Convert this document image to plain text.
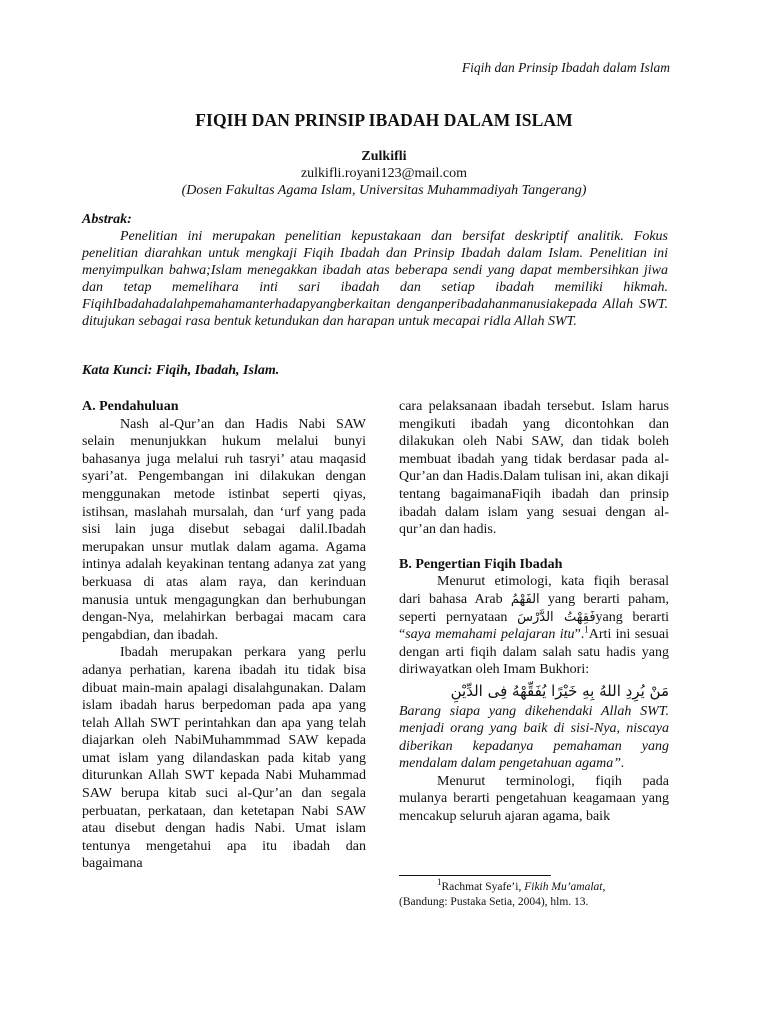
Fiqih dan Prinsip Ibadah dalam Islam
FIQIH DAN PRINSIP IBADAH DALAM ISLAM
Zulkifli
zulkifli.royani123@mail.com
(Dosen Fakultas Agama Islam, Universitas Muhammadiyah Tangerang)
Abstrak:

Penelitian ini merupakan penelitian kepustakaan dan bersifat deskriptif analitik. Fokus penelitian diarahkan untuk mengkaji Fiqih Ibadah dan Prinsip Ibadah dalam Islam. Penelitian ini menyimpulkan bahwa;Islam menegakkan ibadah atas beberapa sendi yang dapat membersihkan jiwa dan tetap memelihara inti sari ibadah dan setiap ibadah memiliki hikmah. FiqihIbadahadalahpemahamanterhadapyangberkaitan denganperibadahanmanusiakepada Allah SWT. ditujukan sebagai rasa bentuk ketundukan dan harapan untuk mecapai ridla Allah SWT.

Kata Kunci: Fiqih, Ibadah, Islam.
A. Pendahuluan

Nash al-Qur’an dan Hadis Nabi SAW selain menunjukkan hukum melalui bunyi bahasanya juga melalui ruh tasryi’ atau maqasid syari’at. Pengembangan ini dilakukan dengan menggunakan metode istinbat seperti qiyas, istihsan, maslahah mursalah, dan ‘urf yang pada sisi lain juga disebut sebagai dalil.Ibadah merupakan unsur mutlak dalam agama. Agama intinya adalah keyakinan tentang adanya zat yang berkuasa di atas alam raya, dan kerinduan manusia untuk mengagungkan dan berhubungan dengan-Nya, melahirkan berbagai macam cara pengabdian, dan ibadah.

Ibadah merupakan perkara yang perlu adanya perhatian, karena ibadah itu tidak bisa dibuat main-main apalagi disalahgunakan. Dalam islam ibadah harus berpedoman pada apa yang telah Allah SWT perintahkan dan apa yang telah diajarkan oleh NabiMuhammmad SAW kepada umat islam yang dilandaskan pada kitab yang diturunkan Allah SWT kepada Nabi Muhammad SAW berupa kitab suci al-Qur’an dan segala perbuatan, perkataan, dan ketetapan Nabi SAW atau disebut dengan hadis Nabi. Umat islam tentunya mengetahui apa itu ibadah dan bagaimana

cara pelaksanaan ibadah tersebut. Islam harus mengikuti ibadah yang dicontohkan dan dilakukan oleh Nabi SAW, dan tidak boleh membuat ibadah yang tidak berdasar pada al-Qur’an dan Hadis.Dalam tulisan ini, akan dikaji tentang bagaimanaFiqih ibadah dan prinsip ibadah dalam islam yang sesuai dengan al-qur’an dan hadis.

B. Pengertian Fiqih Ibadah

Menurut etimologi, kata fiqih berasal dari bahasa Arab الفَهْمُ yang berarti paham, seperti pernyataan فَقِهْتُ الدَّرْسَyang berarti “saya memahami pelajaran itu”.$^1$Arti ini sesuai dengan arti fiqih dalam salah satu hadis yang diriwayatkan oleh Imam Bukhori:

مَنْ يُرِدِ اللهُ بِهِ خَيْرًا يُفَقِّهْهُ فِى الدِّيْنِ

Barang siapa yang dikehendaki Allah SWT. menjadi orang yang baik di sisi-Nya, niscaya diberikan kepadanya pemahaman yang mendalam dalam pengetahuan agama”.

Menurut terminologi, fiqih pada mulanya berarti pengetahuan keagamaan yang mencakup seluruh ajaran agama, baik

$^1$Rachmat Syafe’i, Fikih Mu’amalat,
(Bandung: Pustaka Setia, 2004), hlm. 13.
